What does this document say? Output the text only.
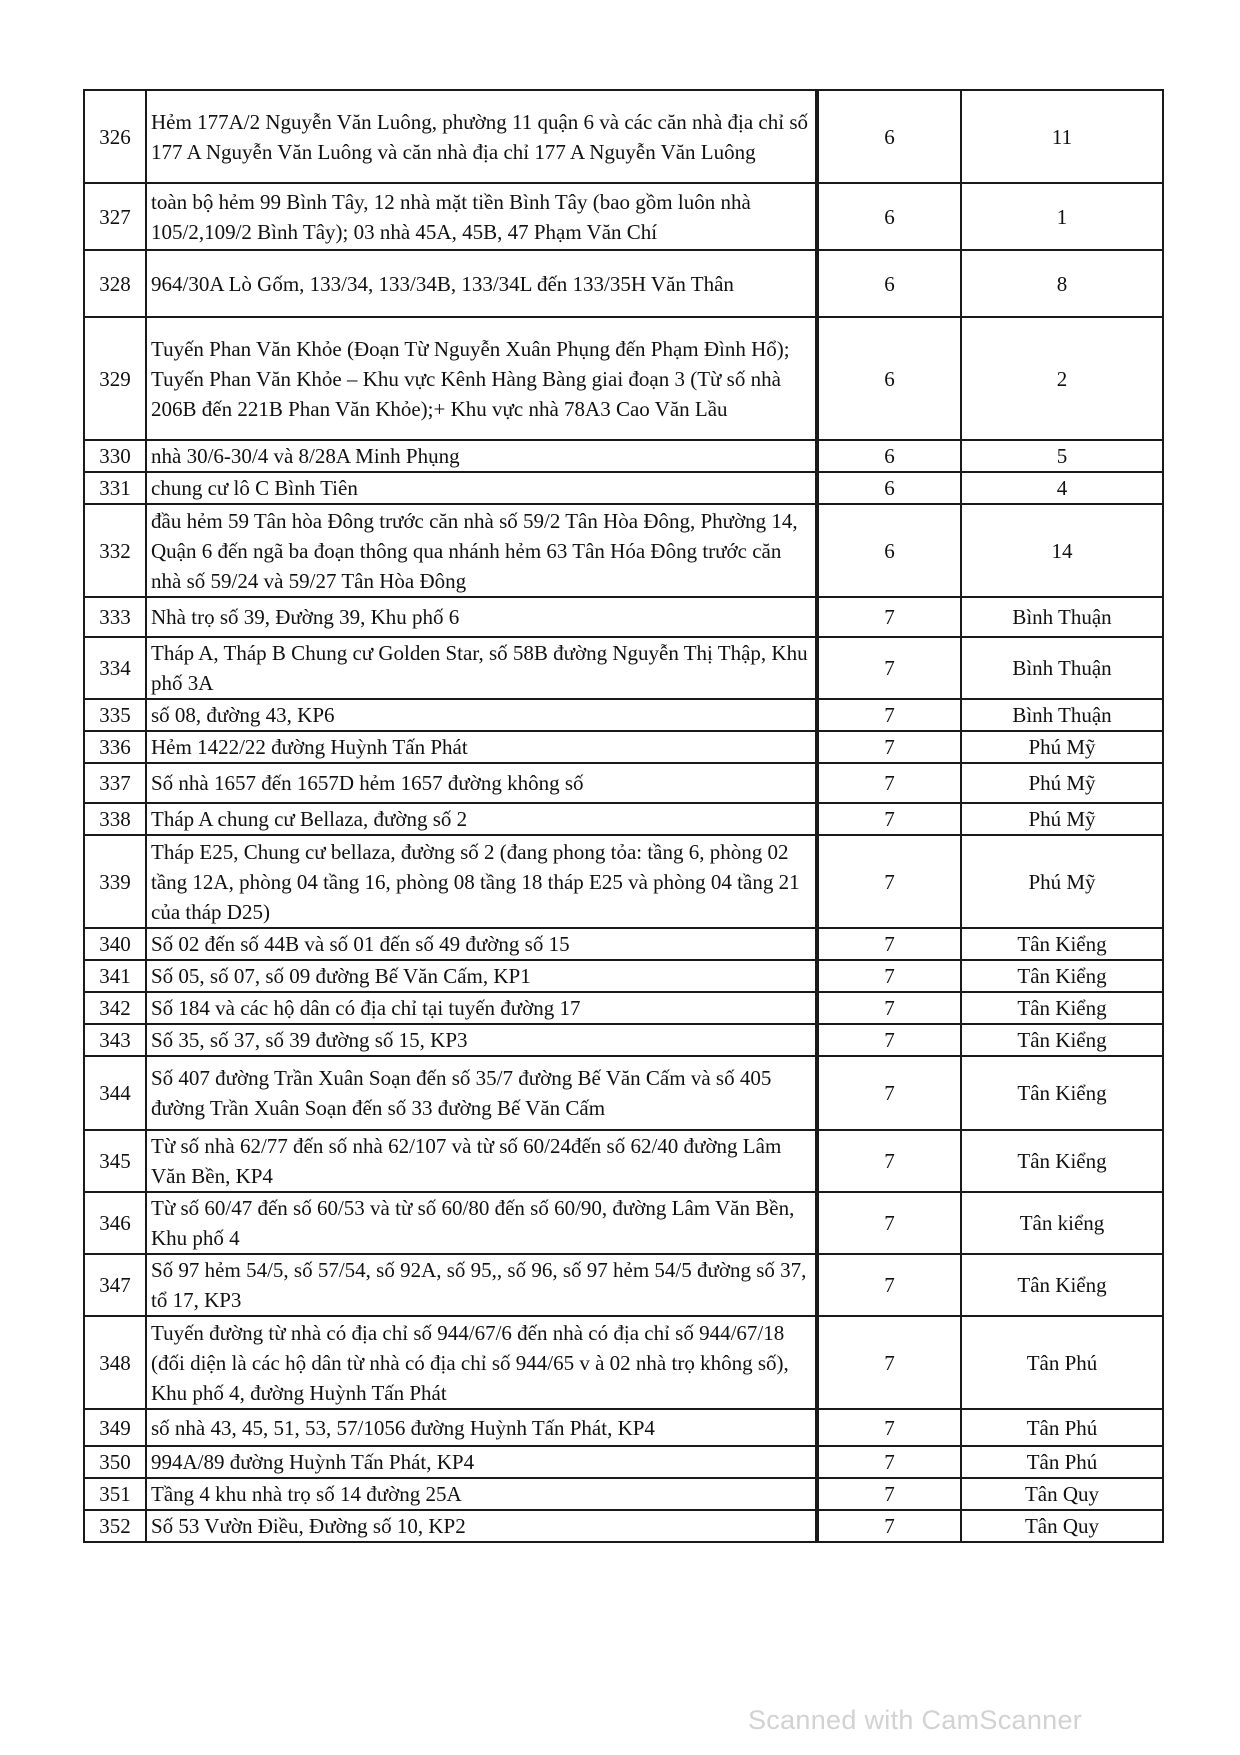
326	Hẻm 177A/2 Nguyễn Văn Luông, phường 11 quận 6 và các căn nhà địa chỉ số 177 A Nguyễn Văn Luông và căn nhà địa chỉ 177 A Nguyễn Văn Luông		6	11
327	toàn bộ hẻm 99 Bình Tây, 12 nhà mặt tiền Bình Tây (bao gồm luôn nhà 105/2,109/2 Bình Tây); 03 nhà 45A, 45B, 47 Phạm Văn Chí		6	1
328	964/30A Lò Gốm, 133/34, 133/34B, 133/34L đến 133/35H Văn Thân		6	8
329	Tuyến Phan Văn Khỏe (Đoạn Từ Nguyễn Xuân Phụng đến Phạm Đình Hổ); Tuyến Phan Văn Khỏe – Khu vực Kênh Hàng Bàng giai đoạn 3 (Từ số nhà 206B đến 221B Phan Văn Khỏe);+ Khu vực nhà 78A3 Cao Văn Lầu		6	2
330	nhà 30/6-30/4 và 8/28A Minh Phụng		6	5
331	chung cư lô C Bình Tiên		6	4
332	đầu hẻm 59 Tân hòa Đông trước căn nhà số 59/2 Tân Hòa Đông, Phường 14, Quận 6 đến ngã ba đoạn thông qua nhánh hẻm 63 Tân Hóa Đông trước căn nhà số 59/24 và 59/27 Tân Hòa Đông		6	14
333	Nhà trọ số 39, Đường 39, Khu phố 6		7	Bình Thuận
334	Tháp A, Tháp B Chung cư Golden Star, số 58B đường Nguyễn Thị Thập, Khu phố 3A		7	Bình Thuận
335	số 08, đường 43, KP6		7	Bình Thuận
336	Hẻm 1422/22 đường Huỳnh Tấn Phát		7	Phú Mỹ
337	Số nhà 1657 đến 1657D hẻm 1657 đường không số		7	Phú Mỹ
338	Tháp A chung cư Bellaza, đường số 2		7	Phú Mỹ
339	Tháp E25, Chung cư bellaza, đường số 2 (đang phong tỏa: tầng 6, phòng 02 tầng 12A, phòng 04 tầng 16, phòng 08 tầng 18 tháp E25 và phòng 04 tầng 21 của tháp D25)		7	Phú Mỹ
340	Số 02 đến số 44B và số 01 đến số 49 đường số 15		7	Tân Kiểng
341	Số 05, số 07, số 09 đường Bế Văn Cấm, KP1		7	Tân Kiểng
342	Số 184 và các hộ dân có địa chỉ tại tuyến đường 17		7	Tân Kiểng
343	Số 35, số 37, số 39 đường số 15, KP3		7	Tân Kiểng
344	Số 407 đường Trần Xuân Soạn đến số 35/7 đường Bế Văn Cấm và số 405 đường Trần Xuân Soạn đến số 33 đường Bế Văn Cấm		7	Tân Kiểng
345	Từ số nhà 62/77 đến số nhà 62/107 và từ số 60/24đến số 62/40 đường Lâm Văn Bền, KP4		7	Tân Kiểng
346	Từ số 60/47 đến số 60/53 và từ số 60/80 đến số 60/90, đường Lâm Văn Bền, Khu phố 4		7	Tân kiểng
347	Số 97 hẻm 54/5, số 57/54, số 92A, số 95,, số 96, số 97 hẻm 54/5 đường số 37, tổ 17, KP3		7	Tân Kiểng
348	Tuyến đường từ nhà có địa chỉ số 944/67/6 đến nhà có địa chỉ số 944/67/18 (đối diện là các hộ dân từ nhà có địa chỉ số 944/65 v à 02 nhà trọ không số), Khu phố 4, đường Huỳnh Tấn Phát		7	Tân Phú
349	số nhà 43, 45, 51, 53, 57/1056 đường Huỳnh Tấn Phát, KP4		7	Tân Phú
350	994A/89 đường Huỳnh Tấn Phát, KP4		7	Tân Phú
351	Tầng 4 khu nhà trọ số 14 đường 25A		7	Tân Quy
352	Số 53 Vườn Điều, Đường số 10, KP2		7	Tân Quy
Scanned with CamScanner
